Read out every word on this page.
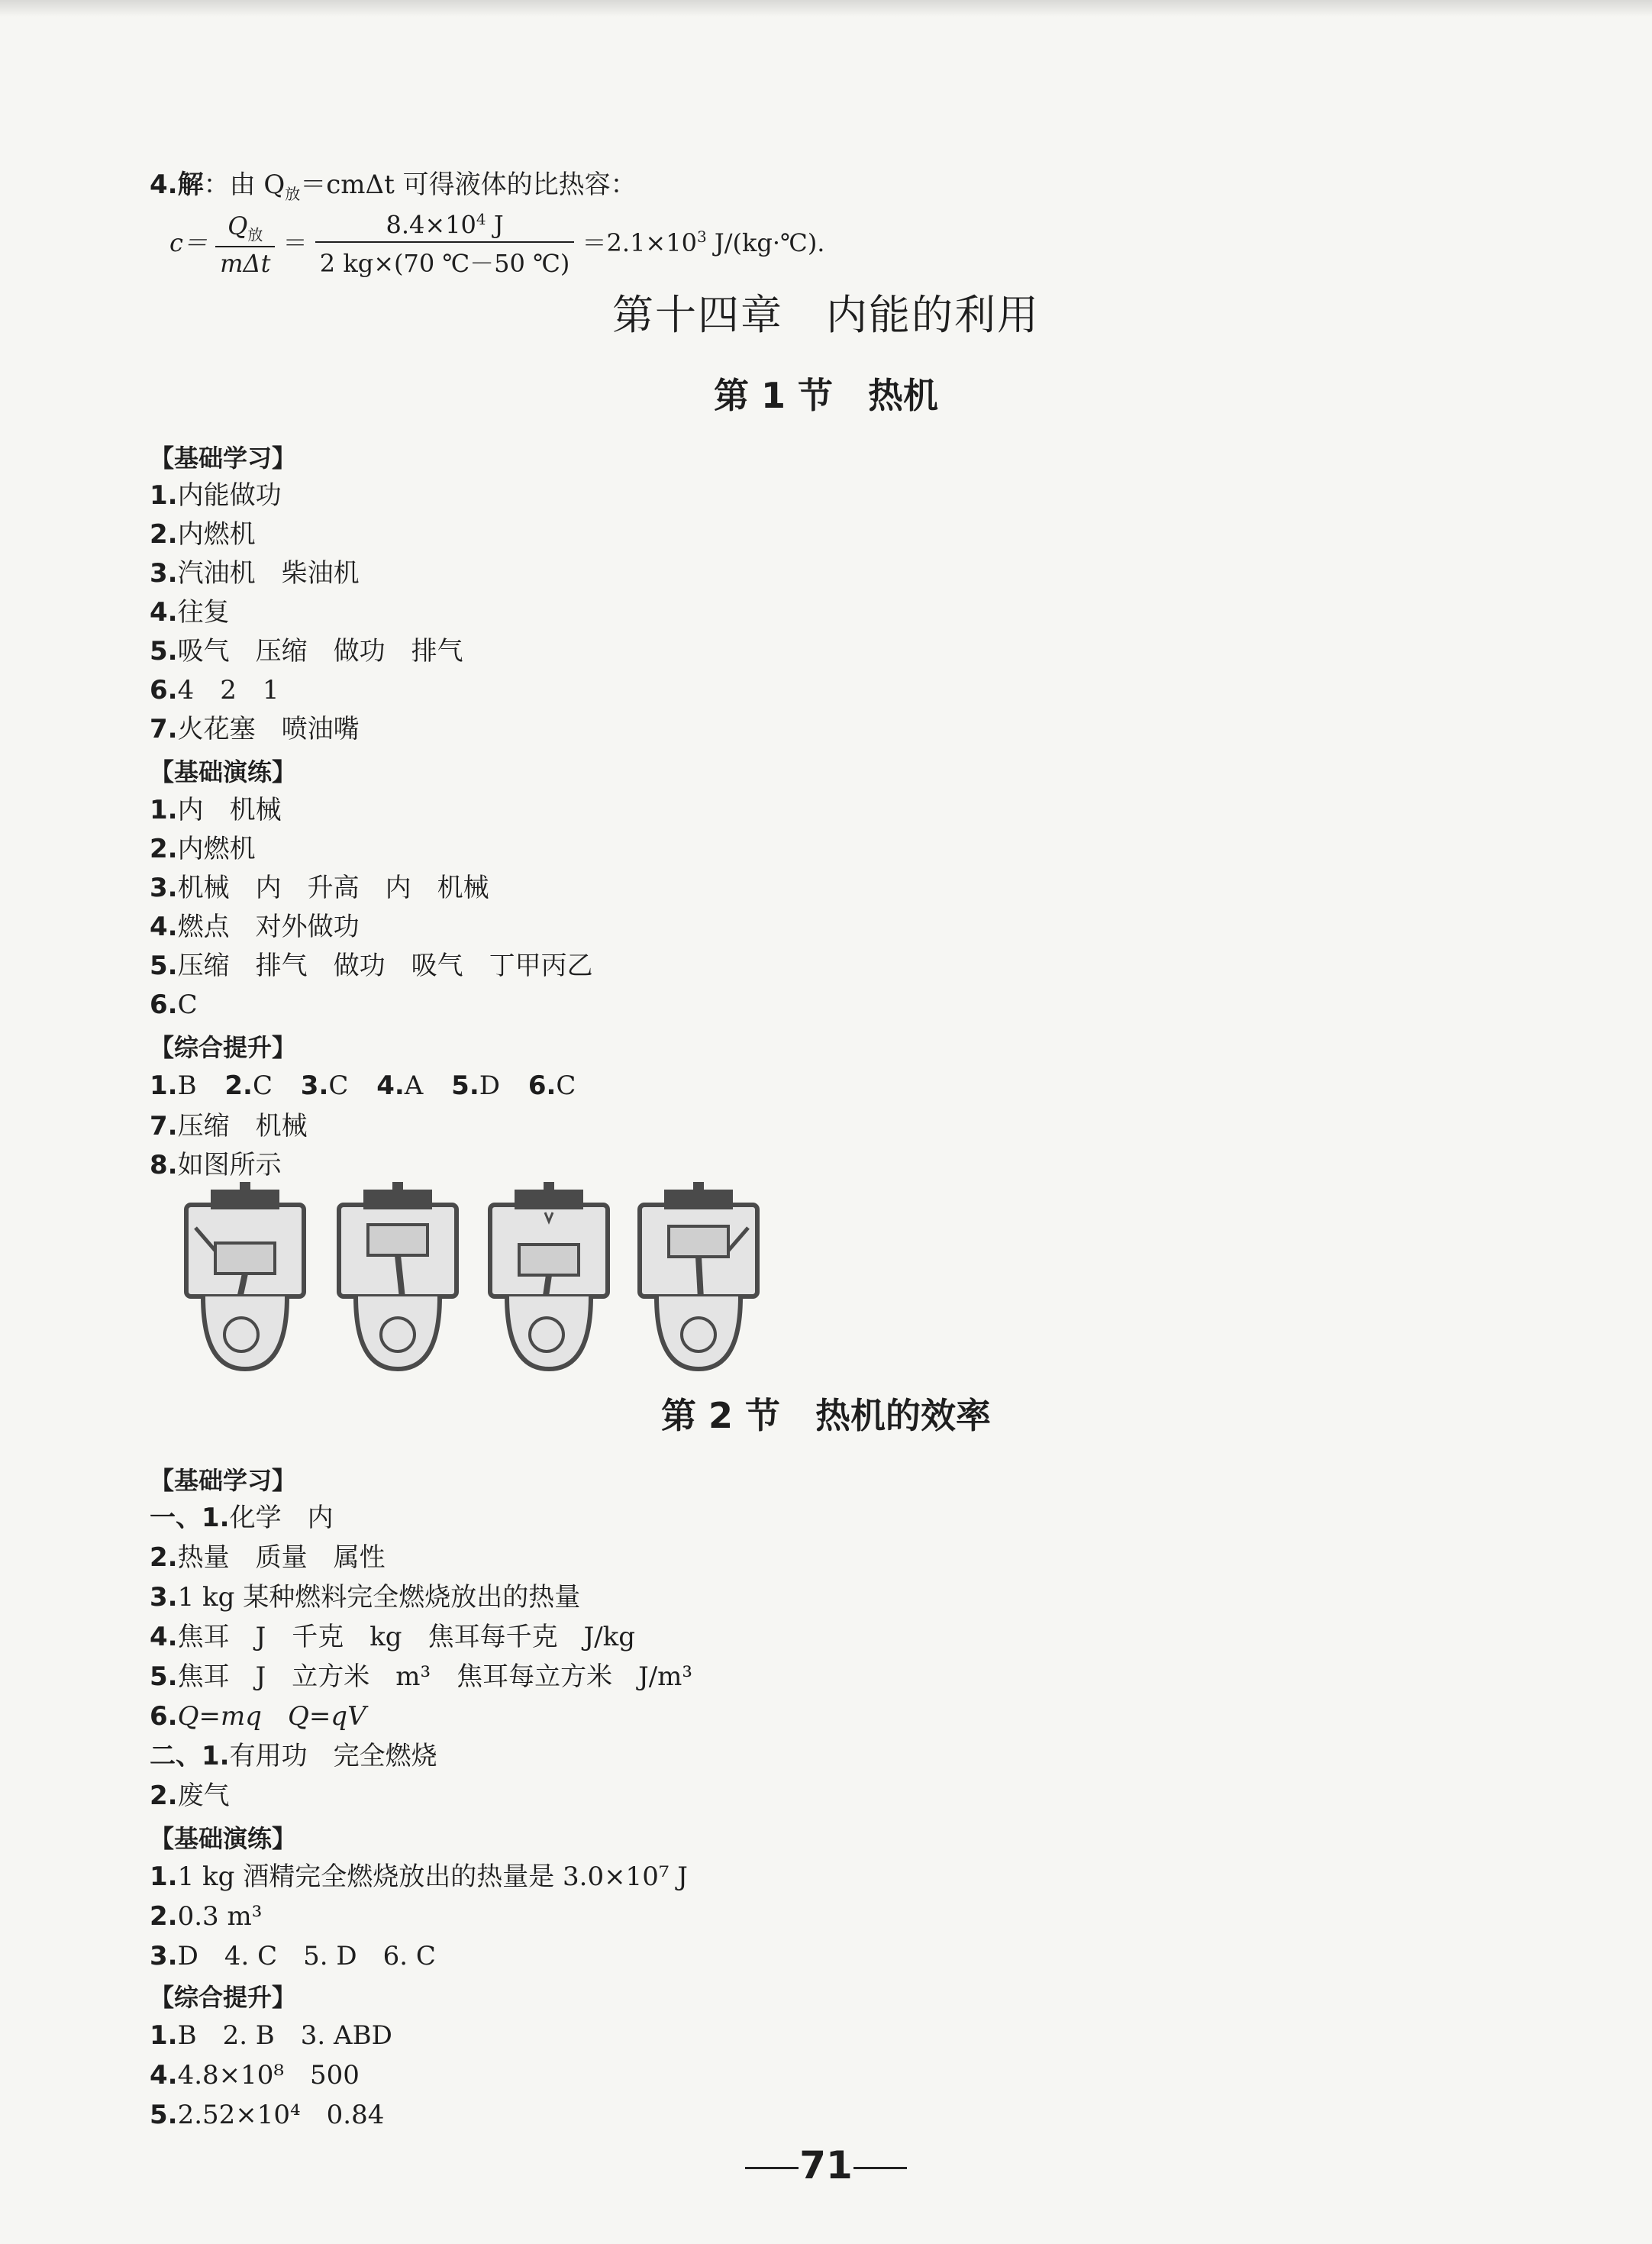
4.解：由 $Q_放=cm\Delta t$ 可得液体的比热容：
$c= \frac{Q_放}{\text{mΔt}} = \frac{8.4\times 10^4 J}{2 kg\times(70 ℃-50 ℃)} =2.1\times 10^3$ J/(kg·℃).
第十四章　内能的利用
第 1 节　热机
【基础学习】
1.内能做功
2.内燃机
3.汽油机　柴油机
4.往复
5.吸气　压缩　做功　排气
6.4　2　1
7.火花塞　喷油嘴
【基础演练】
1.内　机械
2.内燃机
3.机械　内　升高　内　机械
4.燃点　对外做功
5.压缩　排气　做功　吸气　丁甲丙乙
6.C
【综合提升】
1.B 2.C 3.C 4.A 5.D 6.C
7.压缩　机械
8.如图所示
第 2 节　热机的效率
【基础学习】
一、1.化学　内
2.热量　质量　属性
3.1 kg 某种燃料完全燃烧放出的热量
4.焦耳　J　千克　kg　焦耳每千克　J/kg
5.焦耳　J　立方米　m³　焦耳每立方米　J/m³
6.Q=mq　Q=qV
二、1.有用功　完全燃烧
2.废气
【基础演练】
1.1 kg 酒精完全燃烧放出的热量是 3.0×10⁷ J
2.0.3 m³
3.D　4. C　5. D　6. C
【综合提升】
1.B　2. B　3. ABD
4.4.8×10⁸　500
5.2.52×10⁴　0.84
71
